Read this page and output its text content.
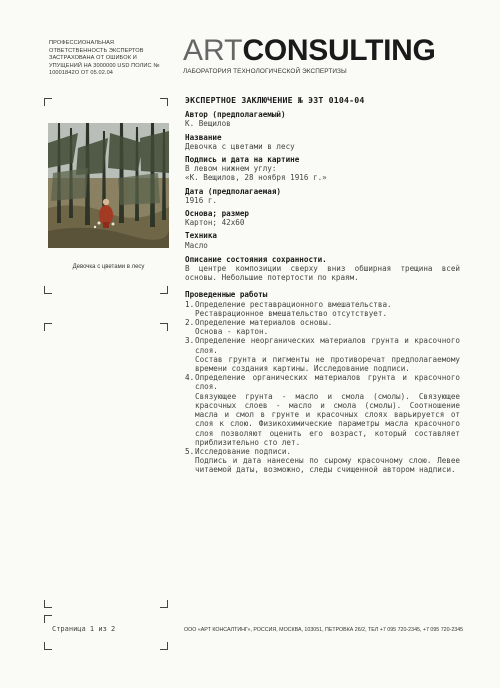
ПРОФЕССИОНАЛЬНАЯ ОТВЕТСТВЕННОСТЬ ЭКСПЕРТОВ ЗАСТРАХОВАНА ОТ ОШИБОК И УПУЩЕНИЙ НА 3000000 USD ПОЛИС № 10001842О ОТ 05.02.04
ARTCONSULTING
ЛАБОРАТОРИЯ ТЕХНОЛОГИЧЕСКОЙ ЭКСПЕРТИЗЫ
Девочка с цветами в лесу
ЭКСПЕРТНОЕ ЗАКЛЮЧЕНИЕ № ЭЗТ 0104-04
Автор (предполагаемый)
К. Вещилов
Название
Девочка с цветами в лесу
Подпись и дата на картине
В левом нижнем углу:
«К. Вещилов, 28 ноября 1916 г.»
Дата (предполагаемая)
1916 г.
Основа; размер
Картон; 42х60
Техника
Масло
Описание состояния сохранности.
В центре композиции сверху вниз обширная трещина всей основы. Небольшие потертости по краям.
Проведенные работы
1. Определение реставрационного вмешательства.
Реставрационное вмешательство отсутствует.
2. Определение материалов основы.
Основа - картон.
3. Определение неорганических материалов грунта и красочного слоя.
Состав грунта и пигменты не противоречат предполагаемому времени создания картины. Исследование подписи.
4. Определение органических материалов грунта и красочного слоя.
Связующее грунта - масло и смола (смолы). Связующее красочных слоев - масло и смола (смолы). Соотношение масла и смол в грунте и красочных слоях варьируется от слоя к слою. Физикохимические параметры масла красочного слоя позволяют оценить его возраст, который составляет приблизительно сто лет.
5. Исследование подписи.
Подпись и дата нанесены по сырому красочному слою. Левее читаемой даты, возможно, следы счищенной автором надписи.
Страница 1 из 2	ООО «АРТ КОНСАЛТИНГ», РОССИЯ, МОСКВА, 103051, ПЕТРОВКА 26/2, ТЕЛ +7 095 720-2345, +7 095 720-2345
